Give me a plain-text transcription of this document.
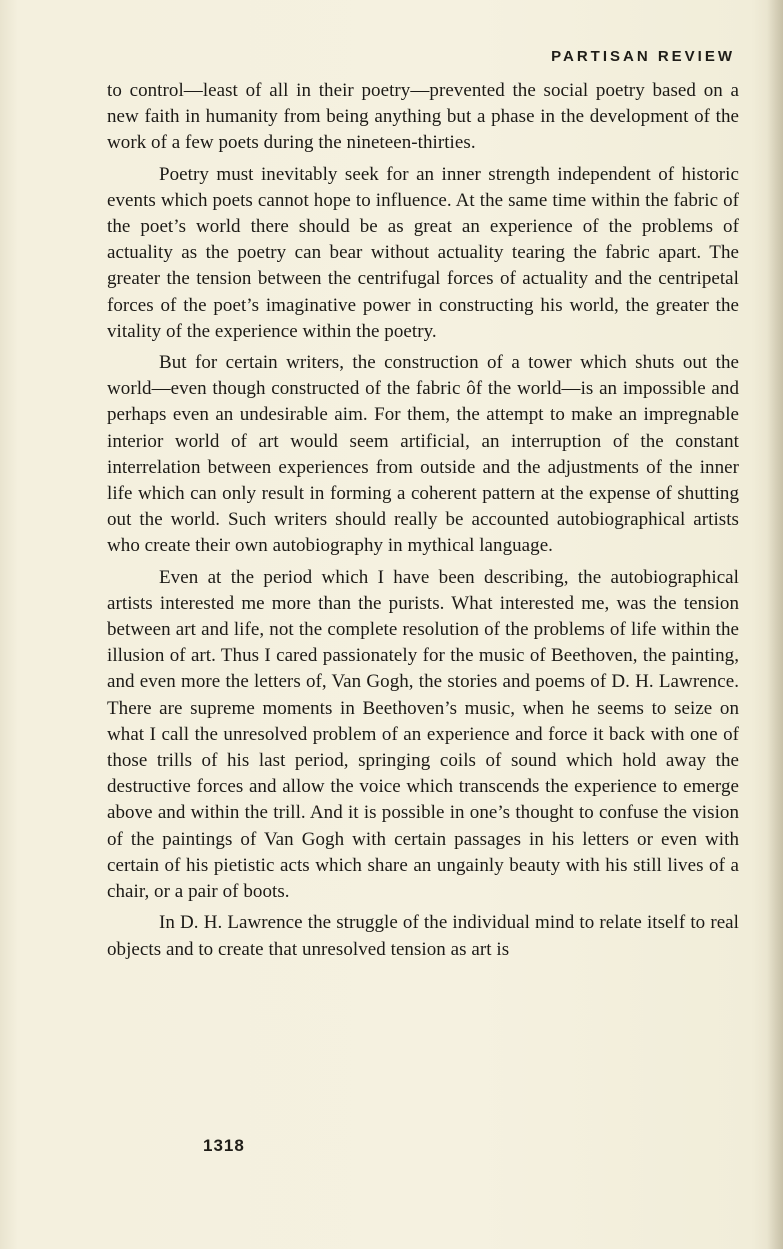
PARTISAN REVIEW

to control—least of all in their poetry—prevented the social poetry based on a new faith in humanity from being anything but a phase in the development of the work of a few poets during the nineteen-thirties.

Poetry must inevitably seek for an inner strength independent of historic events which poets cannot hope to influence. At the same time within the fabric of the poet’s world there should be as great an experience of the problems of actuality as the poetry can bear without actuality tearing the fabric apart. The greater the tension between the centrifugal forces of actuality and the centripetal forces of the poet’s imaginative power in constructing his world, the greater the vitality of the experience within the poetry.

But for certain writers, the construction of a tower which shuts out the world—even though constructed of the fabric ôf the world—is an impossible and perhaps even an undesirable aim. For them, the attempt to make an impregnable interior world of art would seem artificial, an interruption of the constant interrelation between experiences from outside and the adjustments of the inner life which can only result in forming a coherent pattern at the expense of shutting out the world. Such writers should really be accounted autobiographical artists who create their own autobiography in mythical language.

Even at the period which I have been describing, the autobiographical artists interested me more than the purists. What interested me, was the tension between art and life, not the complete resolution of the problems of life within the illusion of art. Thus I cared passionately for the music of Beethoven, the painting, and even more the letters of, Van Gogh, the stories and poems of D. H. Lawrence. There are supreme moments in Beethoven’s music, when he seems to seize on what I call the unresolved problem of an experience and force it back with one of those trills of his last period, springing coils of sound which hold away the destructive forces and allow the voice which transcends the experience to emerge above and within the trill. And it is possible in one’s thought to confuse the vision of the paintings of Van Gogh with certain passages in his letters or even with certain of his pietistic acts which share an ungainly beauty with his still lives of a chair, or a pair of boots.

In D. H. Lawrence the struggle of the individual mind to relate itself to real objects and to create that unresolved tension as art is

1318
